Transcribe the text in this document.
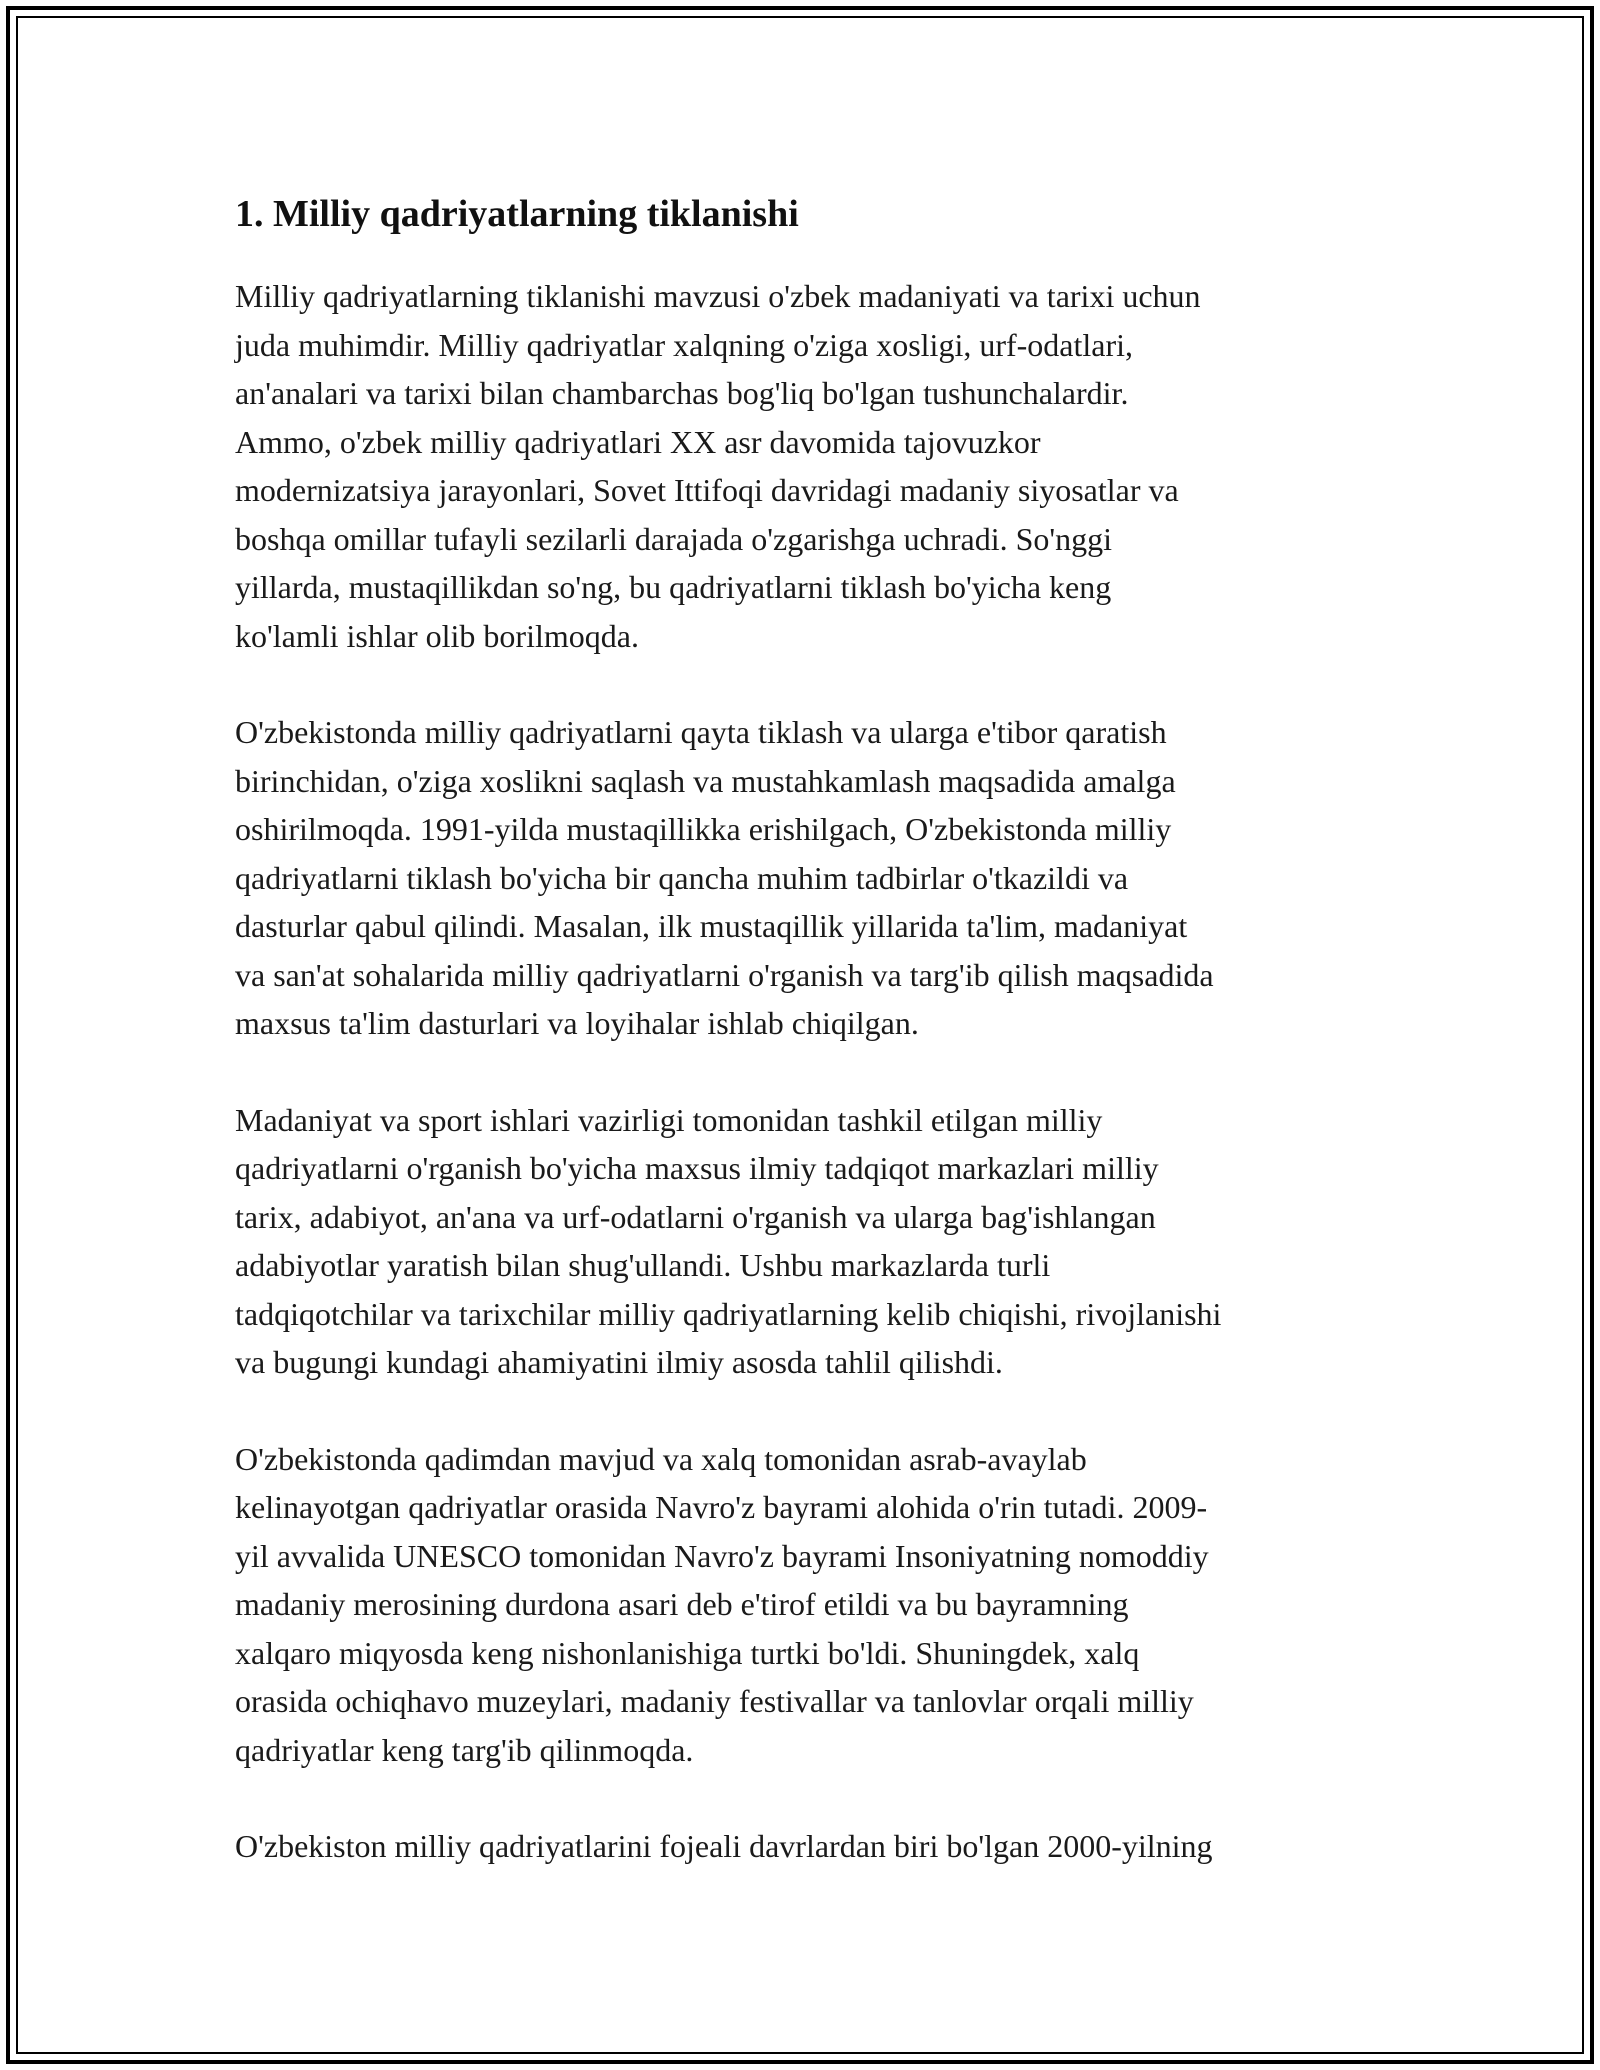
1. Milliy qadriyatlarning tiklanishi

Milliy qadriyatlarning tiklanishi mavzusi o'zbek madaniyati va tarixi uchun
juda muhimdir. Milliy qadriyatlar xalqning o'ziga xosligi, urf-odatlari,
an'analari va tarixi bilan chambarchas bog'liq bo'lgan tushunchalardir.
Ammo, o'zbek milliy qadriyatlari XX asr davomida tajovuzkor
modernizatsiya jarayonlari, Sovet Ittifoqi davridagi madaniy siyosatlar va
boshqa omillar tufayli sezilarli darajada o'zgarishga uchradi. So'nggi
yillarda, mustaqillikdan so'ng, bu qadriyatlarni tiklash bo'yicha keng
ko'lamli ishlar olib borilmoqda.

O'zbekistonda milliy qadriyatlarni qayta tiklash va ularga e'tibor qaratish
birinchidan, o'ziga xoslikni saqlash va mustahkamlash maqsadida amalga
oshirilmoqda. 1991-yilda mustaqillikka erishilgach, O'zbekistonda milliy
qadriyatlarni tiklash bo'yicha bir qancha muhim tadbirlar o'tkazildi va
dasturlar qabul qilindi. Masalan, ilk mustaqillik yillarida ta'lim, madaniyat
va san'at sohalarida milliy qadriyatlarni o'rganish va targ'ib qilish maqsadida
maxsus ta'lim dasturlari va loyihalar ishlab chiqilgan.

Madaniyat va sport ishlari vazirligi tomonidan tashkil etilgan milliy
qadriyatlarni o'rganish bo'yicha maxsus ilmiy tadqiqot markazlari milliy
tarix, adabiyot, an'ana va urf-odatlarni o'rganish va ularga bag'ishlangan
adabiyotlar yaratish bilan shug'ullandi. Ushbu markazlarda turli
tadqiqotchilar va tarixchilar milliy qadriyatlarning kelib chiqishi, rivojlanishi
va bugungi kundagi ahamiyatini ilmiy asosda tahlil qilishdi.

O'zbekistonda qadimdan mavjud va xalq tomonidan asrab-avaylab
kelinayotgan qadriyatlar orasida Navro'z bayrami alohida o'rin tutadi. 2009-
yil avvalida UNESCO tomonidan Navro'z bayrami Insoniyatning nomoddiy
madaniy merosining durdona asari deb e'tirof etildi va bu bayramning
xalqaro miqyosda keng nishonlanishiga turtki bo'ldi. Shuningdek, xalq
orasida ochiqhavo muzeylari, madaniy festivallar va tanlovlar orqali milliy
qadriyatlar keng targ'ib qilinmoqda.

O'zbekiston milliy qadriyatlarini fojeali davrlardan biri bo'lgan 2000-yilning
